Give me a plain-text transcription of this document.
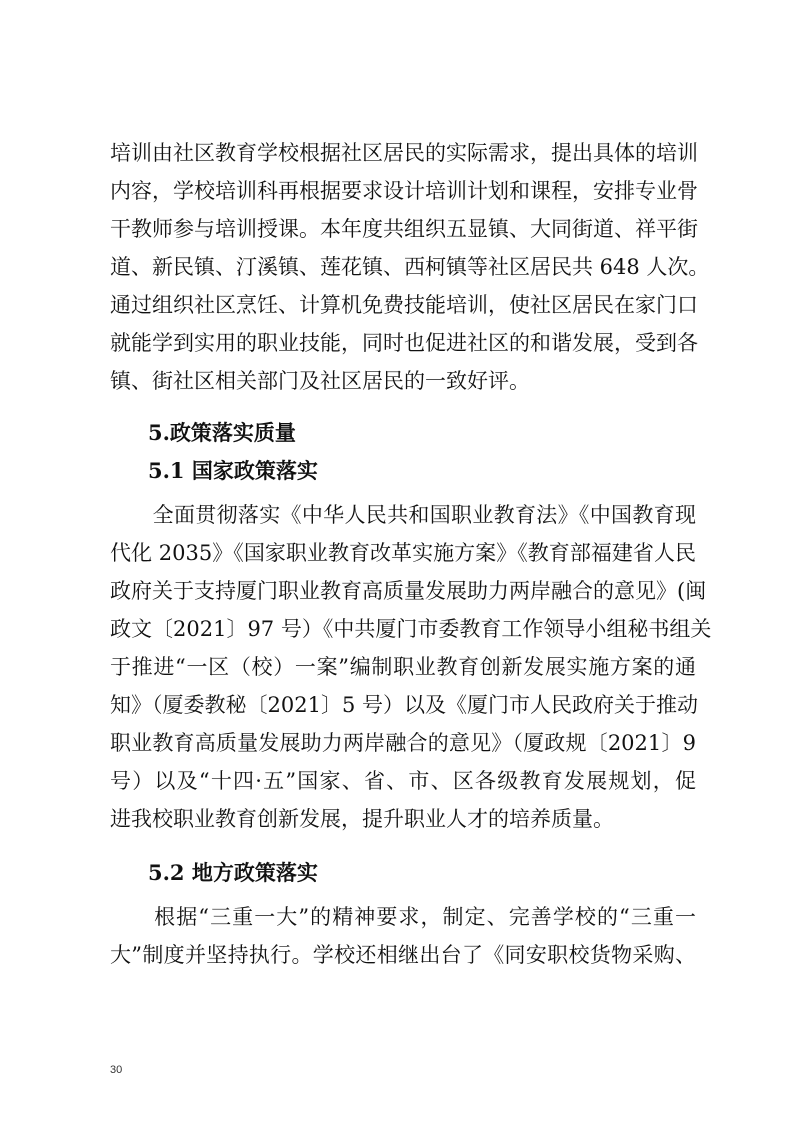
培训由社区教育学校根据社区居民的实际需求，提出具体的培训
内容，学校培训科再根据要求设计培训计划和课程，安排专业骨
干教师参与培训授课。本年度共组织五显镇、大同街道、祥平街
道、新民镇、汀溪镇、莲花镇、西柯镇等社区居民共 648 人次。
通过组织社区烹饪、计算机免费技能培训，使社区居民在家门口
就能学到实用的职业技能，同时也促进社区的和谐发展，受到各
镇、街社区相关部门及社区居民的一致好评。
5.政策落实质量
5.1 国家政策落实
　　全面贯彻落实《中华人民共和国职业教育法》《中国教育现
代化 2035》《国家职业教育改革实施方案》《教育部福建省人民
政府关于支持厦门职业教育高质量发展助力两岸融合的意见》(闽
政文〔2021〕97 号）《中共厦门市委教育工作领导小组秘书组关
于推进“一区（校）一案”编制职业教育创新发展实施方案的通
知》（厦委教秘〔2021〕5 号）以及《厦门市人民政府关于推动
职业教育高质量发展助力两岸融合的意见》（厦政规〔2021〕9
号）以及“十四·五”国家、省、市、区各级教育发展规划，促
进我校职业教育创新发展，提升职业人才的培养质量。
5.2 地方政策落实
　　根据“三重一大”的精神要求，制定、完善学校的“三重一
大”制度并坚持执行。学校还相继出台了《同安职校货物采购、
30
